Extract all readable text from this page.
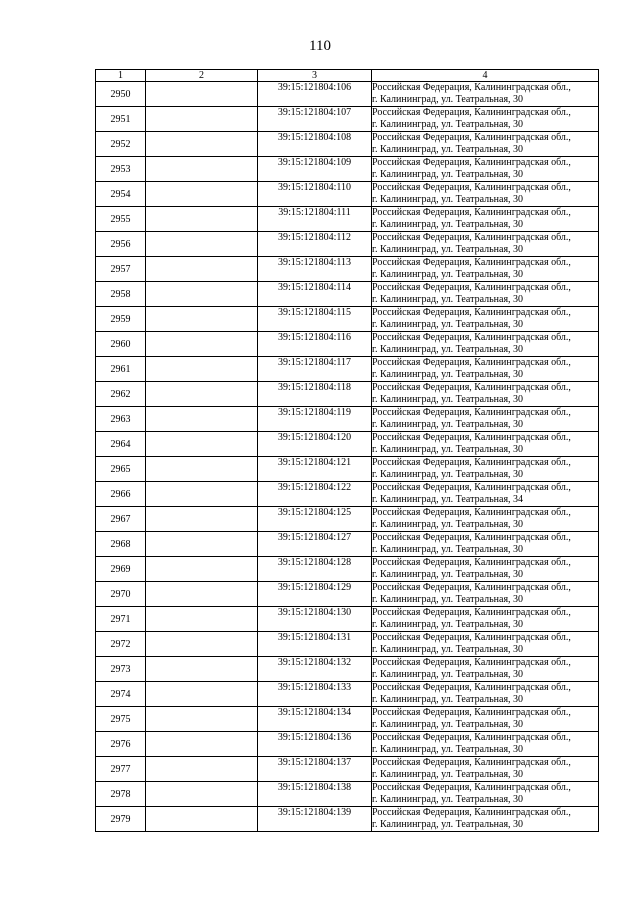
110
1	2	3	4
2950		39:15:121804:106	Российская Федерация, Калининградская обл.,
г. Калининград, ул. Театральная, 30

2951		39:15:121804:107	Российская Федерация, Калининградская обл.,
г. Калининград, ул. Театральная, 30

2952		39:15:121804:108	Российская Федерация, Калининградская обл.,
г. Калининград, ул. Театральная, 30

2953		39:15:121804:109	Российская Федерация, Калининградская обл.,
г. Калининград, ул. Театральная, 30

2954		39:15:121804:110	Российская Федерация, Калининградская обл.,
г. Калининград, ул. Театральная, 30

2955		39:15:121804:111	Российская Федерация, Калининградская обл.,
г. Калининград, ул. Театральная, 30

2956		39:15:121804:112	Российская Федерация, Калининградская обл.,
г. Калининград, ул. Театральная, 30

2957		39:15:121804:113	Российская Федерация, Калининградская обл.,
г. Калининград, ул. Театральная, 30

2958		39:15:121804:114	Российская Федерация, Калининградская обл.,
г. Калининград, ул. Театральная, 30

2959		39:15:121804:115	Российская Федерация, Калининградская обл.,
г. Калининград, ул. Театральная, 30

2960		39:15:121804:116	Российская Федерация, Калининградская обл.,
г. Калининград, ул. Театральная, 30

2961		39:15:121804:117	Российская Федерация, Калининградская обл.,
г. Калининград, ул. Театральная, 30

2962		39:15:121804:118	Российская Федерация, Калининградская обл.,
г. Калининград, ул. Театральная, 30

2963		39:15:121804:119	Российская Федерация, Калининградская обл.,
г. Калининград, ул. Театральная, 30

2964		39:15:121804:120	Российская Федерация, Калининградская обл.,
г. Калининград, ул. Театральная, 30

2965		39:15:121804:121	Российская Федерация, Калининградская обл.,
г. Калининград, ул. Театральная, 30

2966		39:15:121804:122	Российская Федерация, Калининградская обл.,
г. Калининград, ул. Театральная, 34

2967		39:15:121804:125	Российская Федерация, Калининградская обл.,
г. Калининград, ул. Театральная, 30

2968		39:15:121804:127	Российская Федерация, Калининградская обл.,
г. Калининград, ул. Театральная, 30

2969		39:15:121804:128	Российская Федерация, Калининградская обл.,
г. Калининград, ул. Театральная, 30

2970		39:15:121804:129	Российская Федерация, Калининградская обл.,
г. Калининград, ул. Театральная, 30

2971		39:15:121804:130	Российская Федерация, Калининградская обл.,
г. Калининград, ул. Театральная, 30

2972		39:15:121804:131	Российская Федерация, Калининградская обл.,
г. Калининград, ул. Театральная, 30

2973		39:15:121804:132	Российская Федерация, Калининградская обл.,
г. Калининград, ул. Театральная, 30

2974		39:15:121804:133	Российская Федерация, Калининградская обл.,
г. Калининград, ул. Театральная, 30

2975		39:15:121804:134	Российская Федерация, Калининградская обл.,
г. Калининград, ул. Театральная, 30

2976		39:15:121804:136	Российская Федерация, Калининградская обл.,
г. Калининград, ул. Театральная, 30

2977		39:15:121804:137	Российская Федерация, Калининградская обл.,
г. Калининград, ул. Театральная, 30

2978		39:15:121804:138	Российская Федерация, Калининградская обл.,
г. Калининград, ул. Театральная, 30

2979		39:15:121804:139	Российская Федерация, Калининградская обл.,
г. Калининград, ул. Театральная, 30
